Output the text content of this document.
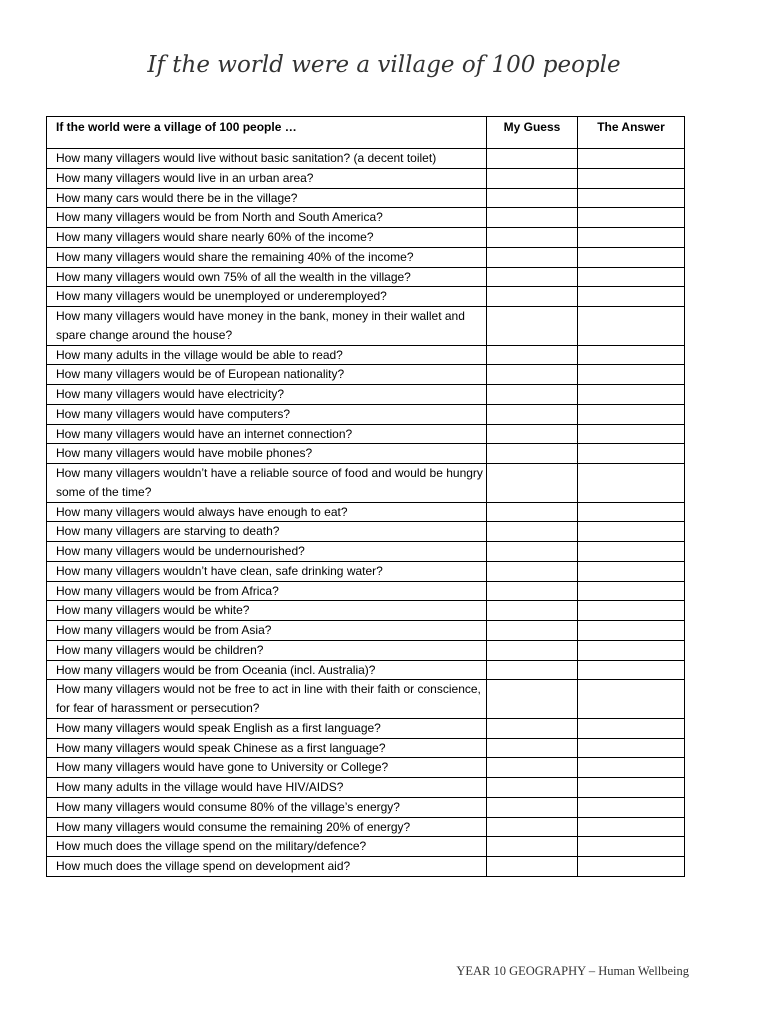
If the world were a village of 100 people
If the world were a village of 100 people …	My Guess	The Answer
How many villagers would live without basic sanitation? (a decent toilet)		
How many villagers would live in an urban area?		
How many cars would there be in the village?		
How many villagers would be from North and South America?		
How many villagers would share nearly 60% of the income?		
How many villagers would share the remaining 40% of the income?		
How many villagers would own 75% of all the wealth in the village?		
How many villagers would be unemployed or underemployed?		
How many villagers would have money in the bank, money in their wallet and spare change around the house?		
How many adults in the village would be able to read?		
How many villagers would be of European nationality?		
How many villagers would have electricity?		
How many villagers would have computers?		
How many villagers would have an internet connection?		
How many villagers would have mobile phones?		
How many villagers wouldn’t have a reliable source of food and would be hungry some of the time?		
How many villagers would always have enough to eat?		
How many villagers are starving to death?		
How many villagers would be undernourished?		
How many villagers wouldn’t have clean, safe drinking water?		
How many villagers would be from Africa?		
How many villagers would be white?		
How many villagers would be from Asia?		
How many villagers would be children?		
How many villagers would be from Oceania (incl. Australia)?		
How many villagers would not be free to act in line with their faith or conscience, for fear of harassment or persecution?		
How many villagers would speak English as a first language?		
How many villagers would speak Chinese as a first language?		
How many villagers would have gone to University or College?		
How many adults in the village would have HIV/AIDS?		
How many villagers would consume 80% of the village’s energy?		
How many villagers would consume the remaining 20% of energy?		
How much does the village spend on the military/defence?		
How much does the village spend on development aid?		
YEAR 10 GEOGRAPHY – Human Wellbeing
